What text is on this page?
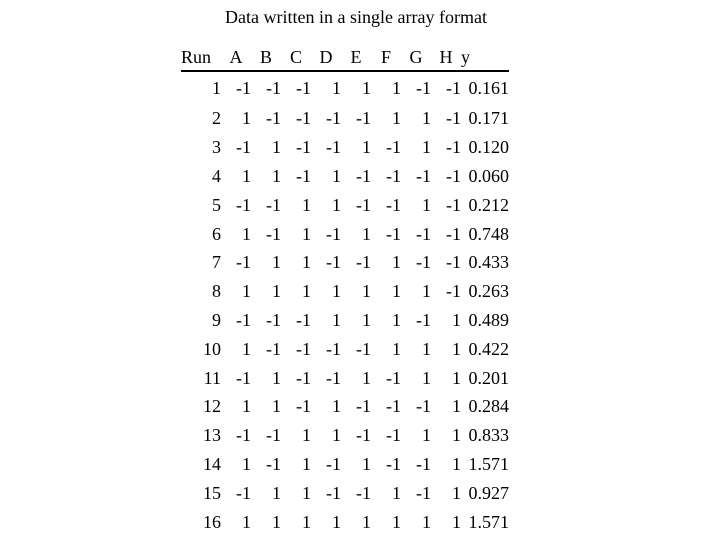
Data written in a single array format
Run	A	B	C	D	E	F	G	H	y
1	-1	-1	-1	1	1	1	-1	-1	0.161
2	1	-1	-1	-1	-1	1	1	-1	0.171
3	-1	1	-1	-1	1	-1	1	-1	0.120
4	1	1	-1	1	-1	-1	-1	-1	0.060
5	-1	-1	1	1	-1	-1	1	-1	0.212
6	1	-1	1	-1	1	-1	-1	-1	0.748
7	-1	1	1	-1	-1	1	-1	-1	0.433
8	1	1	1	1	1	1	1	-1	0.263
9	-1	-1	-1	1	1	1	-1	1	0.489
10	1	-1	-1	-1	-1	1	1	1	0.422
11	-1	1	-1	-1	1	-1	1	1	0.201
12	1	1	-1	1	-1	-1	-1	1	0.284
13	-1	-1	1	1	-1	-1	1	1	0.833
14	1	-1	1	-1	1	-1	-1	1	1.571
15	-1	1	1	-1	-1	1	-1	1	0.927
16	1	1	1	1	1	1	1	1	1.571
